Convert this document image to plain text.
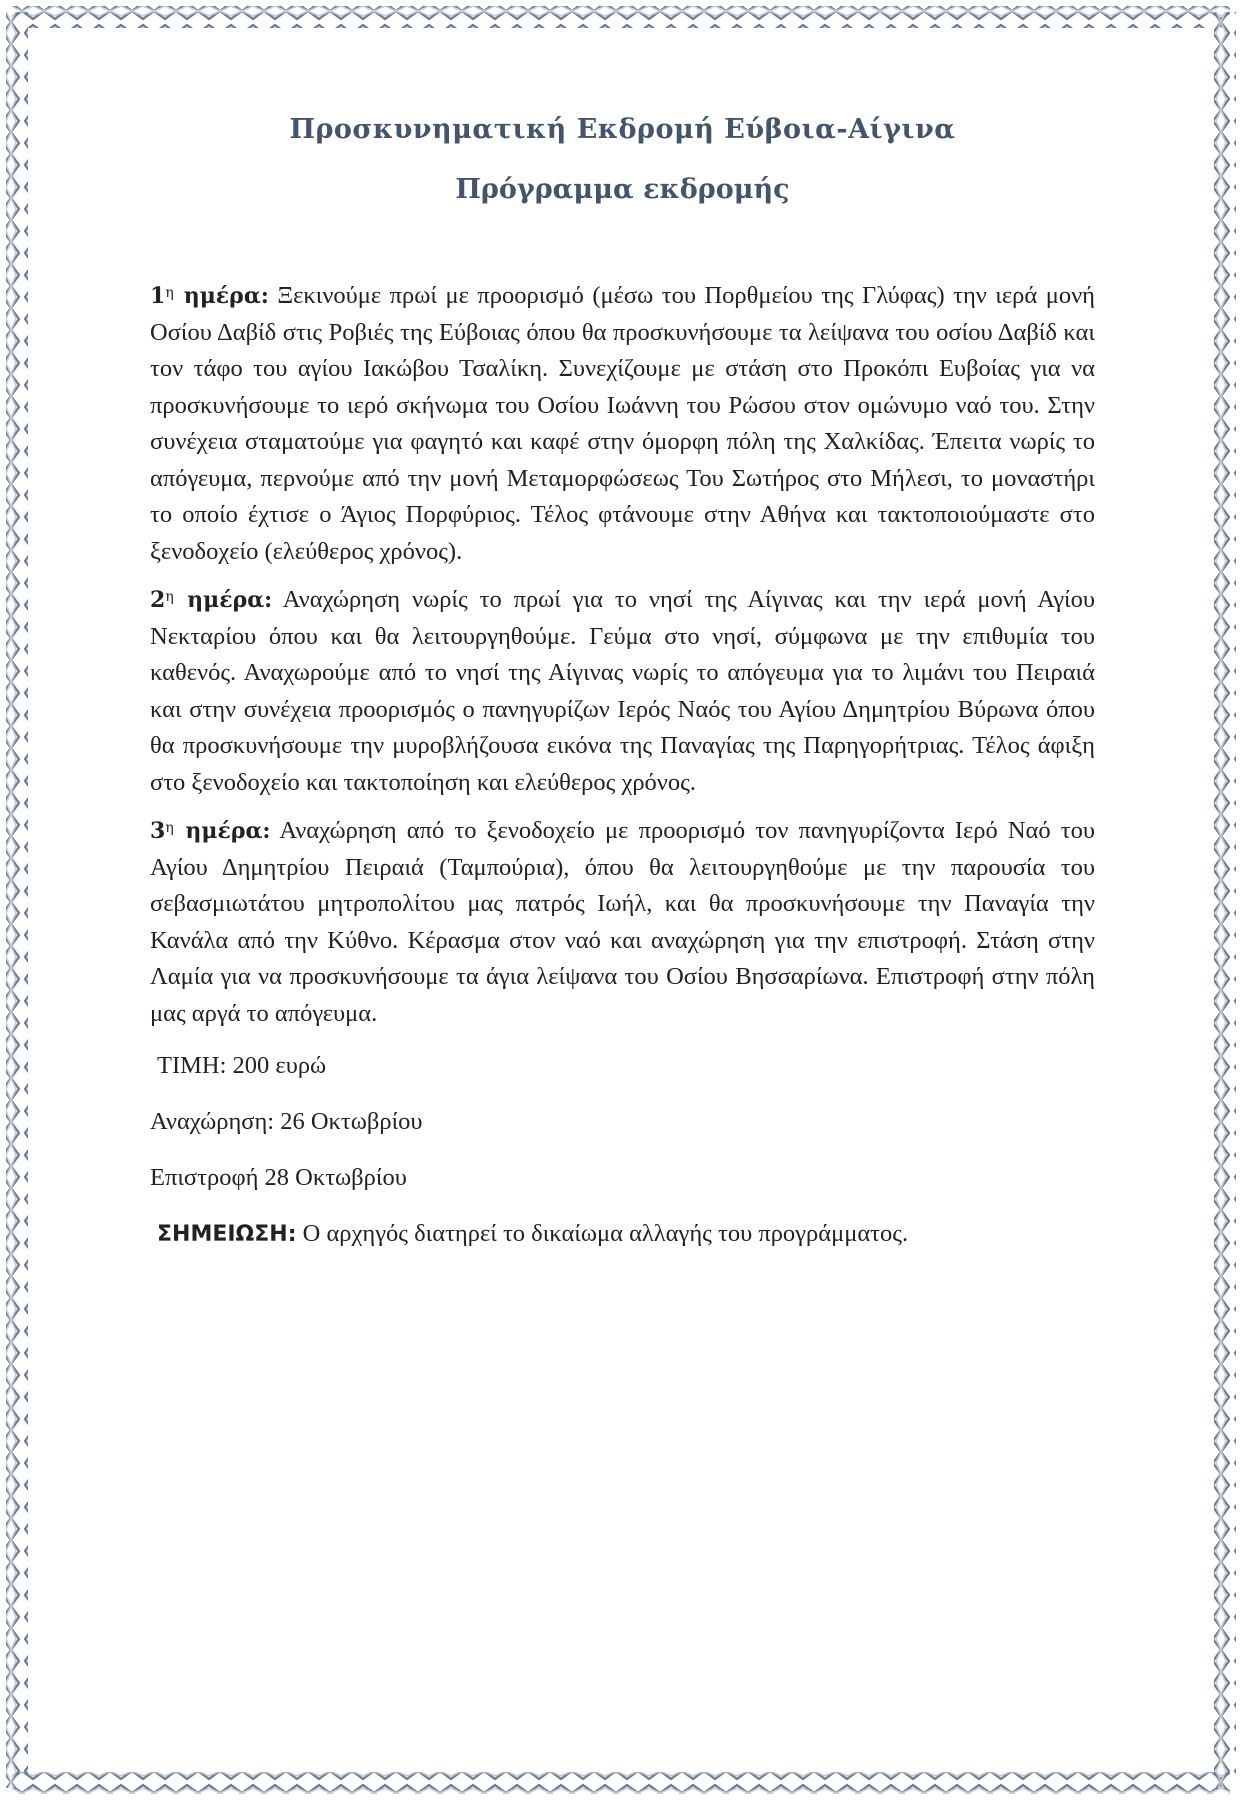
Προσκυνηματική Εκδρομή Εύβοια-Αίγινα
Πρόγραμμα εκδρομής

$1^\eta$ ημέρα: Ξεκινούμε πρωί με προορισμό (μέσω του Πορθμείου της Γλύφας) την ιερά μονή Οσίου Δαβίδ στις Ροβιές της Εύβοιας όπου θα προσκυνήσουμε τα λείψανα του οσίου Δαβίδ και τον τάφο του αγίου Ιακώβου Τσαλίκη. Συνεχίζουμε με στάση στο Προκόπι Ευβοίας για να προσκυνήσουμε το ιερό σκήνωμα του Οσίου Ιωάννη του Ρώσου στον ομώνυμο ναό του. Στην συνέχεια σταματούμε για φαγητό και καφέ στην όμορφη πόλη της Χαλκίδας. Έπειτα νωρίς το απόγευμα, περνούμε από την μονή Μεταμορφώσεως Του Σωτήρος στο Μήλεσι, το μοναστήρι το οποίο έχτισε ο Άγιος Πορφύριος. Τέλος φτάνουμε στην Αθήνα και τακτοποιούμαστε στο ξενοδοχείο (ελεύθερος χρόνος).

$2^\eta$ ημέρα: Αναχώρηση νωρίς το πρωί για το νησί της Αίγινας και την ιερά μονή Αγίου Νεκταρίου όπου και θα λειτουργηθούμε. Γεύμα στο νησί, σύμφωνα με την επιθυμία του καθενός. Αναχωρούμε από το νησί της Αίγινας νωρίς το απόγευμα για το λιμάνι του Πειραιά και στην συνέχεια προορισμός ο πανηγυρίζων Ιερός Ναός του Αγίου Δημητρίου Βύρωνα όπου θα προσκυνήσουμε την μυροβλήζουσα εικόνα της Παναγίας της Παρηγορήτριας. Τέλος άφιξη στο ξενοδοχείο και τακτοποίηση και ελεύθερος χρόνος.

$3^\eta$ ημέρα: Αναχώρηση από το ξενοδοχείο με προορισμό τον πανηγυρίζοντα Ιερό Ναό του Αγίου Δημητρίου Πειραιά (Ταμπούρια), όπου θα λειτουργηθούμε με την παρουσία του σεβασμιωτάτου μητροπολίτου μας πατρός Ιωήλ, και θα προσκυνήσουμε την Παναγία την Κανάλα από την Κύθνο. Κέρασμα στον ναό και αναχώρηση για την επιστροφή. Στάση στην Λαμία για να προσκυνήσουμε τα άγια λείψανα του Οσίου Βησσαρίωνα. Επιστροφή στην πόλη μας αργά το απόγευμα.

ΤΙΜΗ: 200 ευρώ

Αναχώρηση: 26 Οκτωβρίου

Επιστροφή 28 Οκτωβρίου

ΣΗΜΕΙΩΣΗ: Ο αρχηγός διατηρεί το δικαίωμα αλλαγής του προγράμματος.
